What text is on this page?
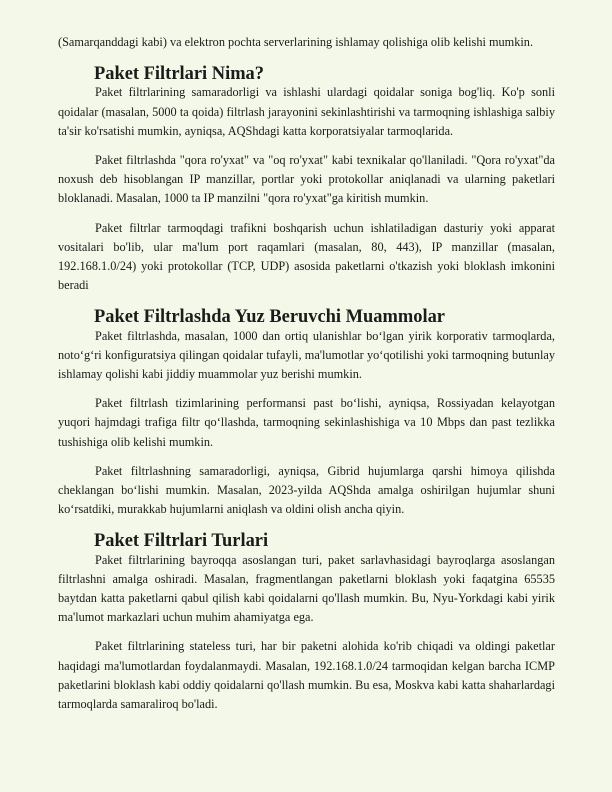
(Samarqanddagi kabi) va elektron pochta serverlarining ishlamay qolishiga olib kelishi mumkin.

Paket Filtrlari Nima?

Paket filtrlarining samaradorligi va ishlashi ulardagi qoidalar soniga bog'liq. Ko'p sonli qoidalar (masalan, 5000 ta qoida) filtrlash jarayonini sekinlashtirishi va tarmoqning ishlashiga salbiy ta'sir ko'rsatishi mumkin, ayniqsa, AQShdagi katta korporatsiyalar tarmoqlarida.

Paket filtrlashda "qora ro'yxat" va "oq ro'yxat" kabi texnikalar qo'llaniladi. "Qora ro'yxat"da noxush deb hisoblangan IP manzillar, portlar yoki protokollar aniqlanadi va ularning paketlari bloklanadi. Masalan, 1000 ta IP manzilni "qora ro'yxat"ga kiritish mumkin.

Paket filtrlar tarmoqdagi trafikni boshqarish uchun ishlatiladigan dasturiy yoki apparat vositalari bo'lib, ular ma'lum port raqamlari (masalan, 80, 443), IP manzillar (masalan, 192.168.1.0/24) yoki protokollar (TCP, UDP) asosida paketlarni o'tkazish yoki bloklash imkonini beradi

Paket Filtrlashda Yuz Beruvchi Muammolar

Paket filtrlashda, masalan, 1000 dan ortiq ulanishlar bo‘lgan yirik korporativ tarmoqlarda, noto‘g‘ri konfiguratsiya qilingan qoidalar tufayli, ma'lumotlar yo‘qotilishi yoki tarmoqning butunlay ishlamay qolishi kabi jiddiy muammolar yuz berishi mumkin.

Paket filtrlash tizimlarining performansi past bo‘lishi, ayniqsa, Rossiyadan kelayotgan yuqori hajmdagi trafiga filtr qo‘llashda, tarmoqning sekinlashishiga va 10 Mbps dan past tezlikka tushishiga olib kelishi mumkin.

Paket filtrlashning samaradorligi, ayniqsa, Gibrid hujumlarga qarshi himoya qilishda cheklangan bo‘lishi mumkin. Masalan, 2023-yilda AQShda amalga oshirilgan hujumlar shuni ko‘rsatdiki, murakkab hujumlarni aniqlash va oldini olish ancha qiyin.

Paket Filtrlari Turlari

Paket filtrlarining bayroqqa asoslangan turi, paket sarlavhasidagi bayroqlarga asoslangan filtrlashni amalga oshiradi. Masalan, fragmentlangan paketlarni bloklash yoki faqatgina 65535 baytdan katta paketlarni qabul qilish kabi qoidalarni qo'llash mumkin. Bu, Nyu-Yorkdagi kabi yirik ma'lumot markazlari uchun muhim ahamiyatga ega.

Paket filtrlarining stateless turi, har bir paketni alohida ko'rib chiqadi va oldingi paketlar haqidagi ma'lumotlardan foydalanmaydi. Masalan, 192.168.1.0/24 tarmoqidan kelgan barcha ICMP paketlarini bloklash kabi oddiy qoidalarni qo'llash mumkin. Bu esa, Moskva kabi katta shaharlardagi tarmoqlarda samaraliroq bo'ladi.
